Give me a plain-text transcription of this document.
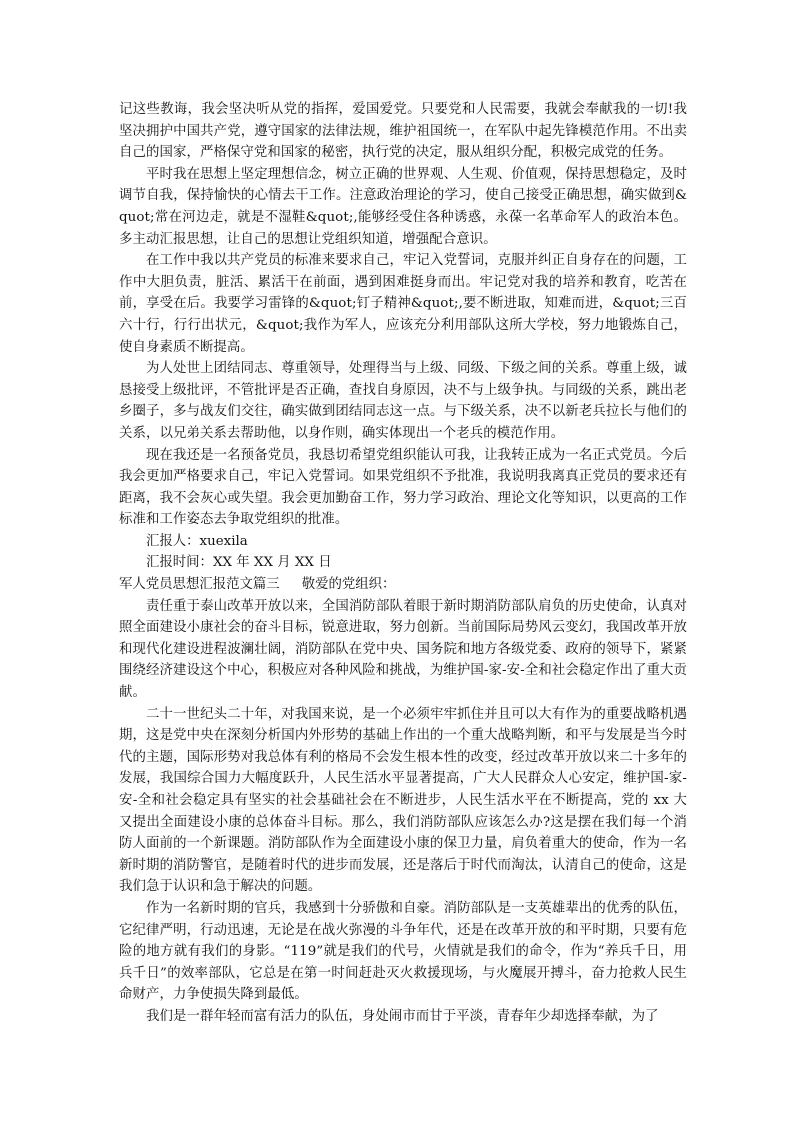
记这些教诲，我会坚决听从党的指挥，爱国爱党。只要党和人民需要，我就会奉献我的一切!我坚决拥护中国共产党，遵守国家的法律法规，维护祖国统一，在军队中起先锋模范作用。不出卖自己的国家，严格保守党和国家的秘密，执行党的决定，服从组织分配，积极完成党的任务。

平时我在思想上坚定理想信念，树立正确的世界观、人生观、价值观，保持思想稳定，及时调节自我，保持愉快的心情去干工作。注意政治理论的学习，使自己接受正确思想，确实做到&quot;常在河边走，就是不湿鞋&quot;,能够经受住各种诱惑，永葆一名革命军人的政治本色。多主动汇报思想，让自己的思想让党组织知道，增强配合意识。

在工作中我以共产党员的标准来要求自己，牢记入党誓词，克服并纠正自身存在的问题，工作中大胆负责，脏活、累活干在前面，遇到困难挺身而出。牢记党对我的培养和教育，吃苦在前，享受在后。我要学习雷锋的&quot;钉子精神&quot;,要不断进取，知难而进，&quot;三百六十行，行行出状元，&quot;我作为军人，应该充分利用部队这所大学校，努力地锻炼自己，使自身素质不断提高。

为人处世上团结同志、尊重领导，处理得当与上级、同级、下级之间的关系。尊重上级，诚恳接受上级批评，不管批评是否正确，查找自身原因，决不与上级争执。与同级的关系，跳出老乡圈子，多与战友们交往，确实做到团结同志这一点。与下级关系，决不以新老兵拉长与他们的关系，以兄弟关系去帮助他，以身作则，确实体现出一个老兵的模范作用。

现在我还是一名预备党员，我恳切希望党组织能认可我，让我转正成为一名正式党员。今后我会更加严格要求自己，牢记入党誓词。如果党组织不予批准，我说明我离真正党员的要求还有距离，我不会灰心或失望。我会更加勤奋工作，努力学习政治、理论文化等知识，以更高的工作标准和工作姿态去争取党组织的批准。

汇报人：xuexila

汇报时间：XX 年 XX 月 XX 日

军人党员思想汇报范文篇三 敬爱的党组织：

责任重于泰山改革开放以来，全国消防部队着眼于新时期消防部队肩负的历史使命，认真对照全面建设小康社会的奋斗目标，锐意进取，努力创新。当前国际局势风云变幻，我国改革开放和现代化建设进程波澜壮阔，消防部队在党中央、国务院和地方各级党委、政府的领导下，紧紧围绕经济建设这个中心，积极应对各种风险和挑战，为维护国-家-安-全和社会稳定作出了重大贡献。

二十一世纪头二十年，对我国来说，是一个必须牢牢抓住并且可以大有作为的重要战略机遇期，这是党中央在深刻分析国内外形势的基础上作出的一个重大战略判断，和平与发展是当今时代的主题，国际形势对我总体有利的格局不会发生根本性的改变，经过改革开放以来二十多年的发展，我国综合国力大幅度跃升，人民生活水平显著提高，广大人民群众人心安定，维护国-家-安-全和社会稳定具有坚实的社会基础社会在不断进步，人民生活水平在不断提高，党的 xx 大又提出全面建设小康的总体奋斗目标。那么，我们消防部队应该怎么办?这是摆在我们每一个消防人面前的一个新课题。消防部队作为全面建设小康的保卫力量，肩负着重大的使命，作为一名新时期的消防警官，是随着时代的进步而发展，还是落后于时代而淘汰，认清自己的使命，这是我们急于认识和急于解决的问题。

作为一名新时期的官兵，我感到十分骄傲和自豪。消防部队是一支英雄辈出的优秀的队伍，它纪律严明，行动迅速，无论是在战火弥漫的斗争年代，还是在改革开放的和平时期，只要有危险的地方就有我们的身影。“119”就是我们的代号，火情就是我们的命令，作为“养兵千日，用兵千日”的效率部队，它总是在第一时间赶赴灭火救援现场，与火魔展开搏斗，奋力抢救人民生命财产，力争使损失降到最低。

我们是一群年轻而富有活力的队伍，身处闹市而甘于平淡，青春年少却选择奉献，为了
